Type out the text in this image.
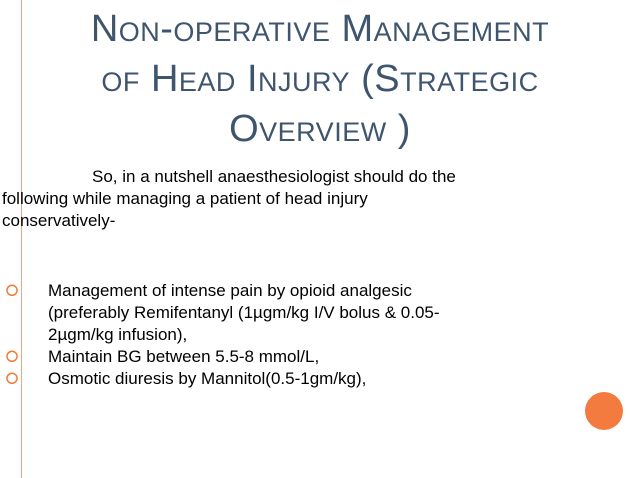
Non-operative Management
of Head Injury (Strategic
Overview )
So, in a nutshell anaesthesiologist should do the
following while managing a patient of head injury
conservatively-
⭘ Management of intense pain by opioid analgesic
(preferably Remifentanyl (1µgm/kg I/V bolus & 0.05-
2µgm/kg infusion),
⭘ Maintain BG between 5.5-8 mmol/L,
⭘ Osmotic diuresis by Mannitol(0.5-1gm/kg),
